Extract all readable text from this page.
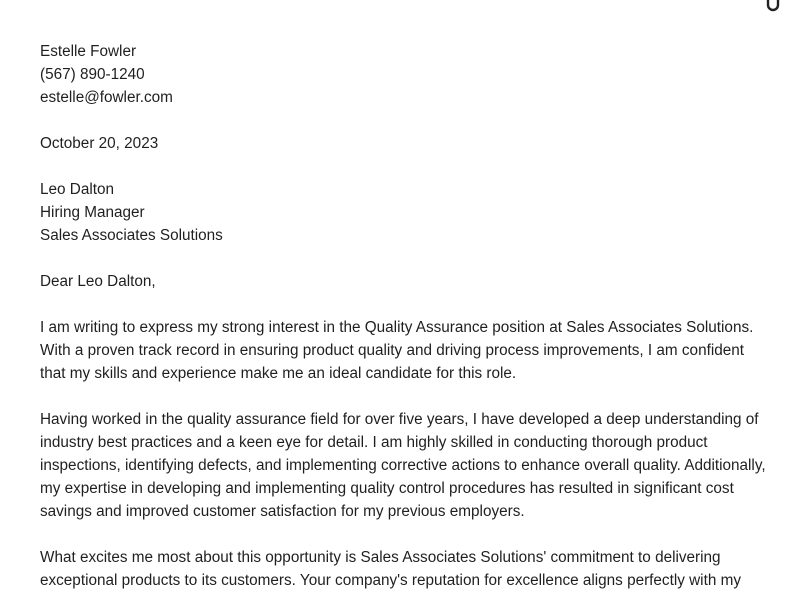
Estelle Fowler
(567) 890-1240
estelle@fowler.com
October 20, 2023
Leo Dalton
Hiring Manager
Sales Associates Solutions
Dear Leo Dalton,

I am writing to express my strong interest in the Quality Assurance position at Sales Associates Solutions. With a proven track record in ensuring product quality and driving process improvements, I am confident that my skills and experience make me an ideal candidate for this role.

Having worked in the quality assurance field for over five years, I have developed a deep understanding of industry best practices and a keen eye for detail. I am highly skilled in conducting thorough product inspections, identifying defects, and implementing corrective actions to enhance overall quality. Additionally, my expertise in developing and implementing quality control procedures has resulted in significant cost savings and improved customer satisfaction for my previous employers.

What excites me most about this opportunity is Sales Associates Solutions' commitment to delivering exceptional products to its customers. Your company's reputation for excellence aligns perfectly with my
